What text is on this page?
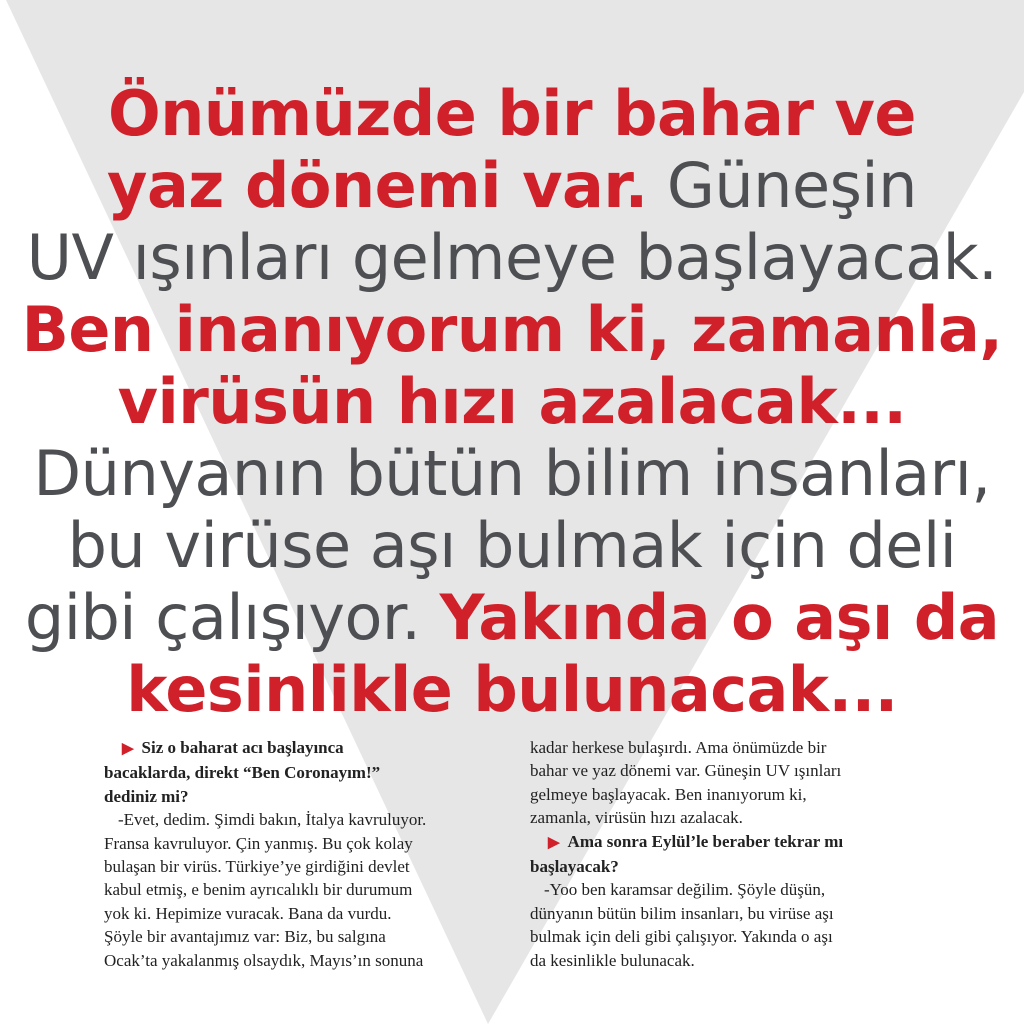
Önümüzde bir bahar ve
yaz dönemi var. Güneşin
UV ışınları gelmeye başlayacak.
Ben inanıyorum ki, zamanla,
virüsün hızı azalacak...
Dünyanın bütün bilim insanları,
bu virüse aşı bulmak için deli
gibi çalışıyor. Yakında o aşı da
kesinlikle bulunacak...
▶ Siz o baharat acı başlayınca
bacaklarda, direkt “Ben Coronayım!”
dediniz mi?
-Evet, dedim. Şimdi bakın, İtalya kavruluyor.
Fransa kavruluyor. Çin yanmış. Bu çok kolay
bulaşan bir virüs. Türkiye’ye girdiğini devlet
kabul etmiş, e benim ayrıcalıklı bir durumum
yok ki. Hepimize vuracak. Bana da vurdu.
Şöyle bir avantajımız var: Biz, bu salgına
Ocak’ta yakalanmış olsaydık, Mayıs’ın sonuna
kadar herkese bulaşırdı. Ama önümüzde bir
bahar ve yaz dönemi var. Güneşin UV ışınları
gelmeye başlayacak. Ben inanıyorum ki,
zamanla, virüsün hızı azalacak.
▶ Ama sonra Eylül’le beraber tekrar mı
başlayacak?
-Yoo ben karamsar değilim. Şöyle düşün,
dünyanın bütün bilim insanları, bu virüse aşı
bulmak için deli gibi çalışıyor. Yakında o aşı
da kesinlikle bulunacak.
